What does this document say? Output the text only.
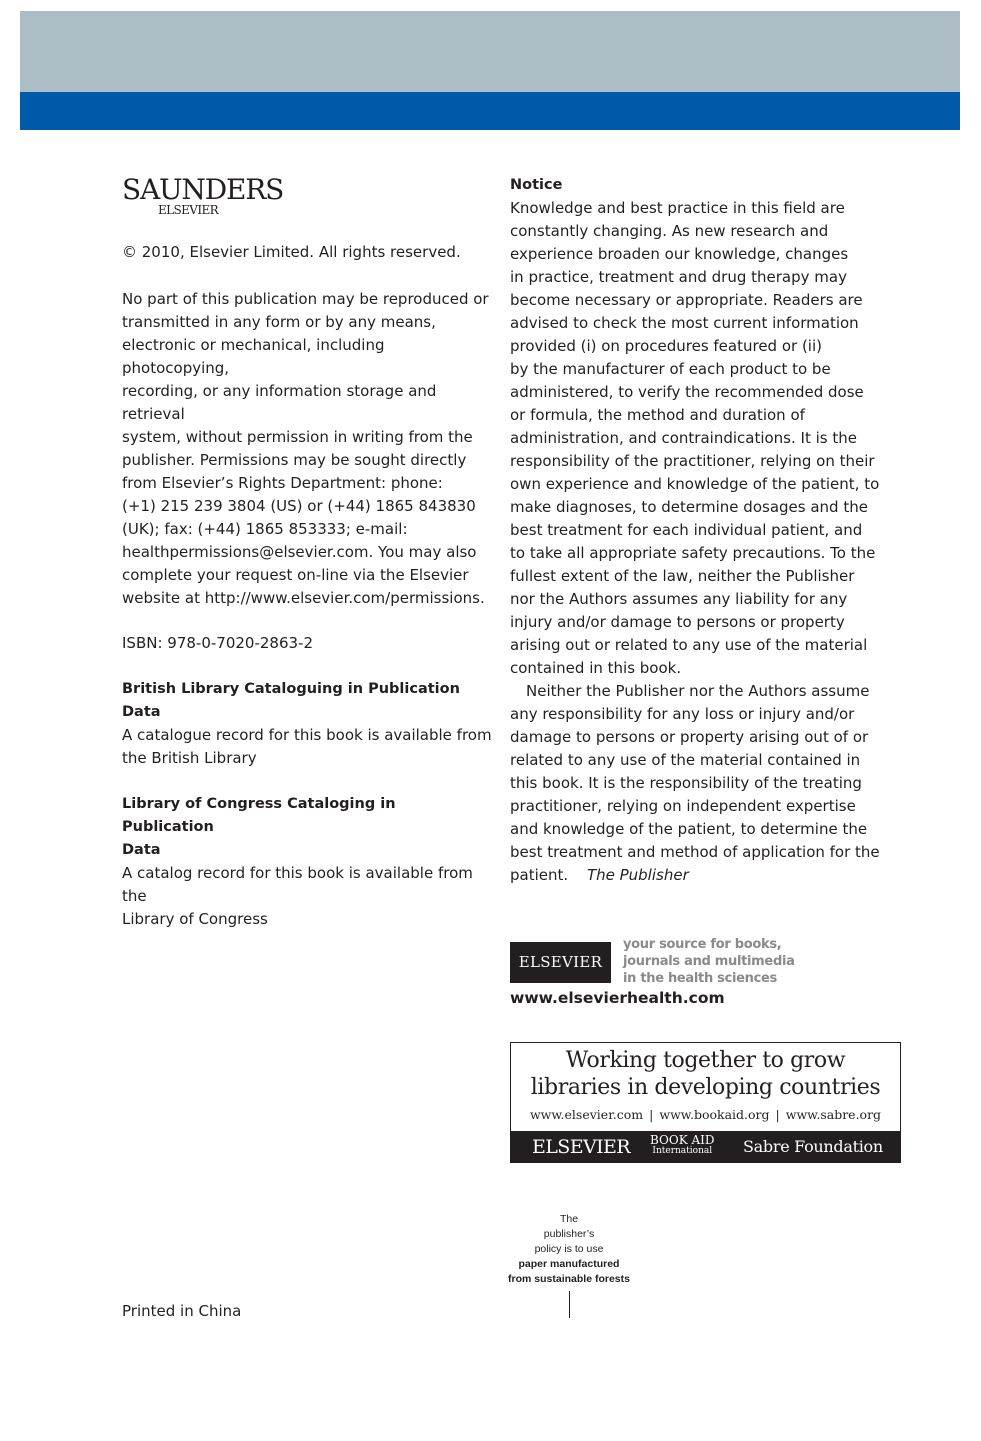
SAUNDERS
ELSEVIER
© 2010, Elsevier Limited. All rights reserved.
No part of this publication may be reproduced or
transmitted in any form or by any means,
electronic or mechanical, including photocopying,
recording, or any information storage and retrieval
system, without permission in writing from the
publisher. Permissions may be sought directly
from Elsevier’s Rights Department: phone:
(+1) 215 239 3804 (US) or (+44) 1865 843830
(UK); fax: (+44) 1865 853333; e-mail:
healthpermissions@elsevier.com. You may also
complete your request on-line via the Elsevier
website at http://www.elsevier.com/permissions.
ISBN: 978-0-7020-2863-2
British Library Cataloguing in Publication Data
A catalogue record for this book is available from
the British Library
Library of Congress Cataloging in Publication
Data
A catalog record for this book is available from the
Library of Congress
Notice
Knowledge and best practice in this field are
constantly changing. As new research and
experience broaden our knowledge, changes
in practice, treatment and drug therapy may
become necessary or appropriate. Readers are
advised to check the most current information
provided (i) on procedures featured or (ii)
by the manufacturer of each product to be
administered, to verify the recommended dose
or formula, the method and duration of
administration, and contraindications. It is the
responsibility of the practitioner, relying on their
own experience and knowledge of the patient, to
make diagnoses, to determine dosages and the
best treatment for each individual patient, and
to take all appropriate safety precautions. To the
fullest extent of the law, neither the Publisher
nor the Authors assumes any liability for any
injury and/or damage to persons or property
arising out or related to any use of the material
contained in this book.
Neither the Publisher nor the Authors assume
any responsibility for any loss or injury and/or
damage to persons or property arising out of or
related to any use of the material contained in
this book. It is the responsibility of the treating
practitioner, relying on independent expertise
and knowledge of the patient, to determine the
best treatment and method of application for the
patient. The Publisher
ELSEVIER
your source for books,
journals and multimedia
in the health sciences
www.elsevierhealth.com
Working together to grow
libraries in developing countries
www.elsevier.com | www.bookaid.org | www.sabre.org
ELSEVIER BOOK AID
International Sabre Foundation
The
publisher’s
policy is to use
paper manufactured
from sustainable forests
Printed in China
